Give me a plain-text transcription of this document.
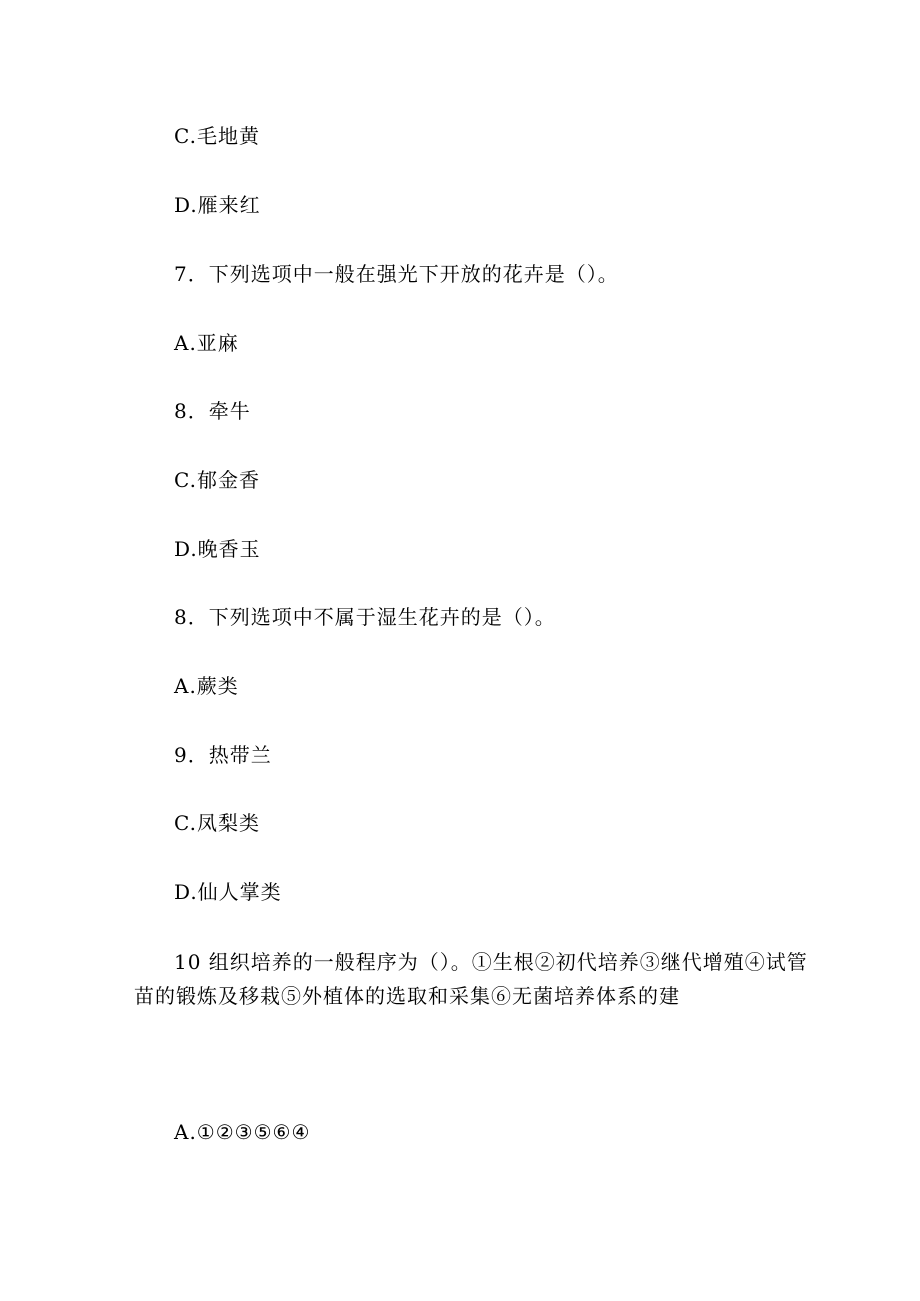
C.毛地黄
D.雁来红
7．下列选项中一般在强光下开放的花卉是（）。
A.亚麻
8．牵牛
C.郁金香
D.晚香玉
8．下列选项中不属于湿生花卉的是（）。
A.蕨类
9．热带兰
C.凤梨类
D.仙人掌类
10 组织培养的一般程序为（）。①生根②初代培养③继代增殖④试管苗的锻炼及移栽⑤外植体的选取和采集⑥无菌培养体系的建
A.①②③⑤⑥④
